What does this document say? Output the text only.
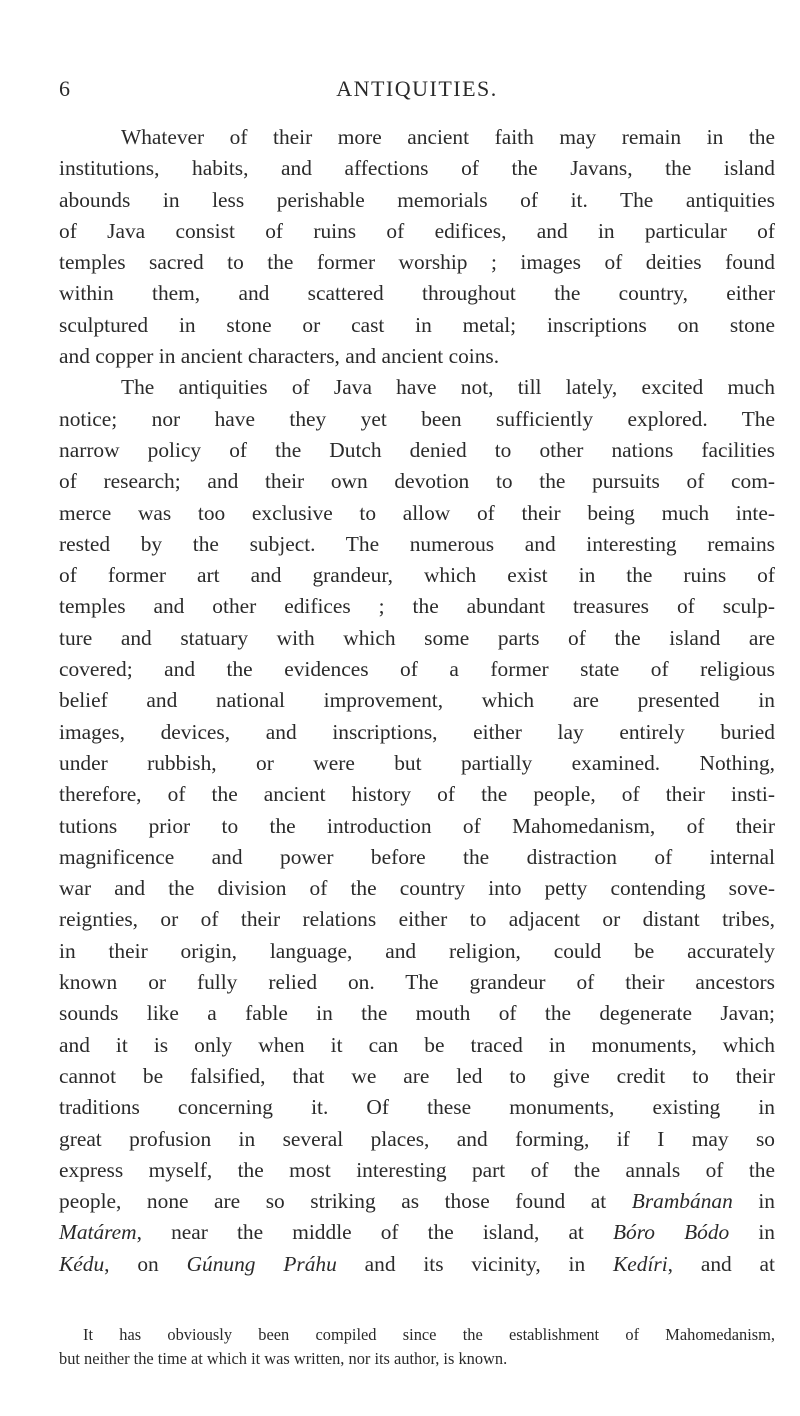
6	ANTIQUITIES.
Whatever of their more ancient faith may remain in the
institutions, habits, and affections of the Javans, the island
abounds in less perishable memorials of it. The antiquities
of Java consist of ruins of edifices, and in particular of
temples sacred to the former worship ; images of deities found
within them, and scattered throughout the country, either
sculptured in stone or cast in metal; inscriptions on stone
and copper in ancient characters, and ancient coins.
The antiquities of Java have not, till lately, excited much
notice; nor have they yet been sufficiently explored. The
narrow policy of the Dutch denied to other nations facilities
of research; and their own devotion to the pursuits of com-
merce was too exclusive to allow of their being much inte-
rested by the subject. The numerous and interesting remains
of former art and grandeur, which exist in the ruins of
temples and other edifices ; the abundant treasures of sculp-
ture and statuary with which some parts of the island are
covered; and the evidences of a former state of religious
belief and national improvement, which are presented in
images, devices, and inscriptions, either lay entirely buried
under rubbish, or were but partially examined. Nothing,
therefore, of the ancient history of the people, of their insti-
tutions prior to the introduction of Mahomedanism, of their
magnificence and power before the distraction of internal
war and the division of the country into petty contending sove-
reignties, or of their relations either to adjacent or distant tribes,
in their origin, language, and religion, could be accurately
known or fully relied on. The grandeur of their ancestors
sounds like a fable in the mouth of the degenerate Javan;
and it is only when it can be traced in monuments, which
cannot be falsified, that we are led to give credit to their
traditions concerning it. Of these monuments, existing in
great profusion in several places, and forming, if I may so
express myself, the most interesting part of the annals of the
people, none are so striking as those found at Brambánan in
Matárem, near the middle of the island, at Bóro Bódo in
Kédu, on Gúnung Práhu and its vicinity, in Kedíri, and at
It has obviously been compiled since the establishment of Mahomedanism,
but neither the time at which it was written, nor its author, is known.
